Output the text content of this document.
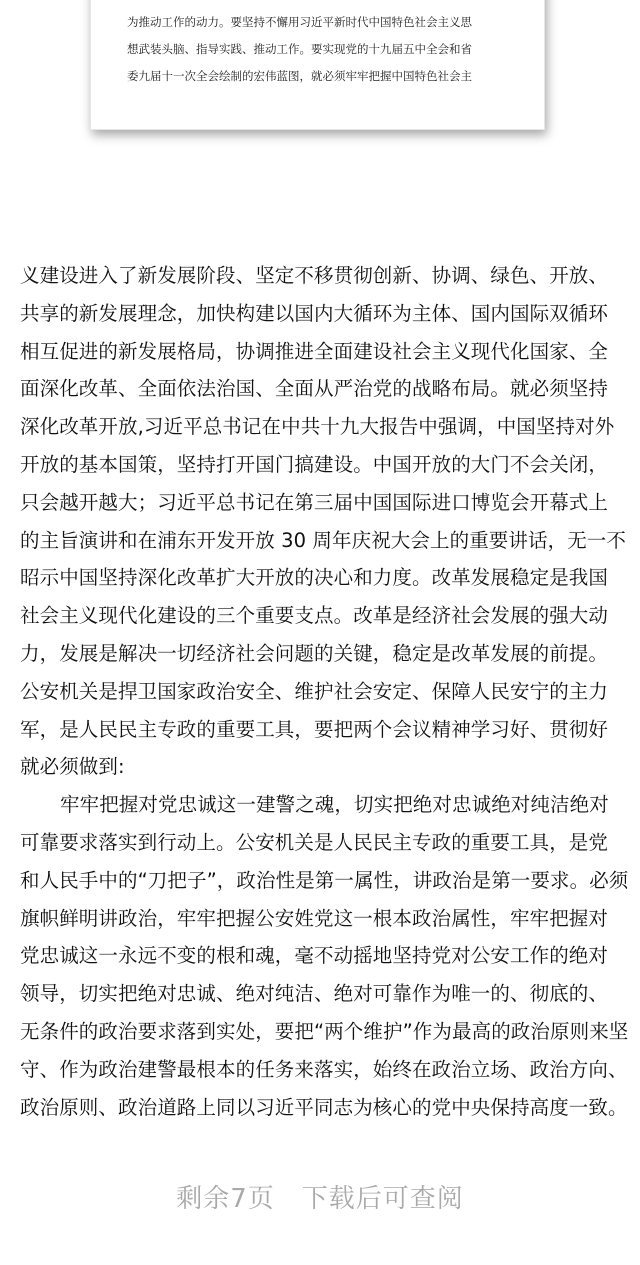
为推动工作的动力。要坚持不懈用习近平新时代中国特色社会主义思
想武装头脑、指导实践、推动工作。要实现党的十九届五中全会和省
委九届十一次全会绘制的宏伟蓝图，就必须牢牢把握中国特色社会主
义建设进入了新发展阶段、坚定不移贯彻创新、协调、绿色、开放、
共享的新发展理念，加快构建以国内大循环为主体、国内国际双循环
相互促进的新发展格局，协调推进全面建设社会主义现代化国家、全
面深化改革、全面依法治国、全面从严治党的战略布局。就必须坚持
深化改革开放,习近平总书记在中共十九大报告中强调，中国坚持对外
开放的基本国策，坚持打开国门搞建设。中国开放的大门不会关闭，
只会越开越大；习近平总书记在第三届中国国际进口博览会开幕式上
的主旨演讲和在浦东开发开放 30 周年庆祝大会上的重要讲话，无一不
昭示中国坚持深化改革扩大开放的决心和力度。改革发展稳定是我国
社会主义现代化建设的三个重要支点。改革是经济社会发展的强大动
力，发展是解决一切经济社会问题的关键，稳定是改革发展的前提。
公安机关是捍卫国家政治安全、维护社会安定、保障人民安宁的主力
军，是人民民主专政的重要工具，要把两个会议精神学习好、贯彻好
就必须做到:
牢牢把握对党忠诚这一建警之魂，切实把绝对忠诚绝对纯洁绝对
可靠要求落实到行动上。公安机关是人民民主专政的重要工具，是党
和人民手中的“刀把子”，政治性是第一属性，讲政治是第一要求。必须
旗帜鲜明讲政治，牢牢把握公安姓党这一根本政治属性，牢牢把握对
党忠诚这一永远不变的根和魂，毫不动摇地坚持党对公安工作的绝对
领导，切实把绝对忠诚、绝对纯洁、绝对可靠作为唯一的、彻底的、
无条件的政治要求落到实处，要把“两个维护”作为最高的政治原则来坚
守、作为政治建警最根本的任务来落实，始终在政治立场、政治方向、
政治原则、政治道路上同以习近平同志为核心的党中央保持高度一致。
剩余7页　下载后可查阅
